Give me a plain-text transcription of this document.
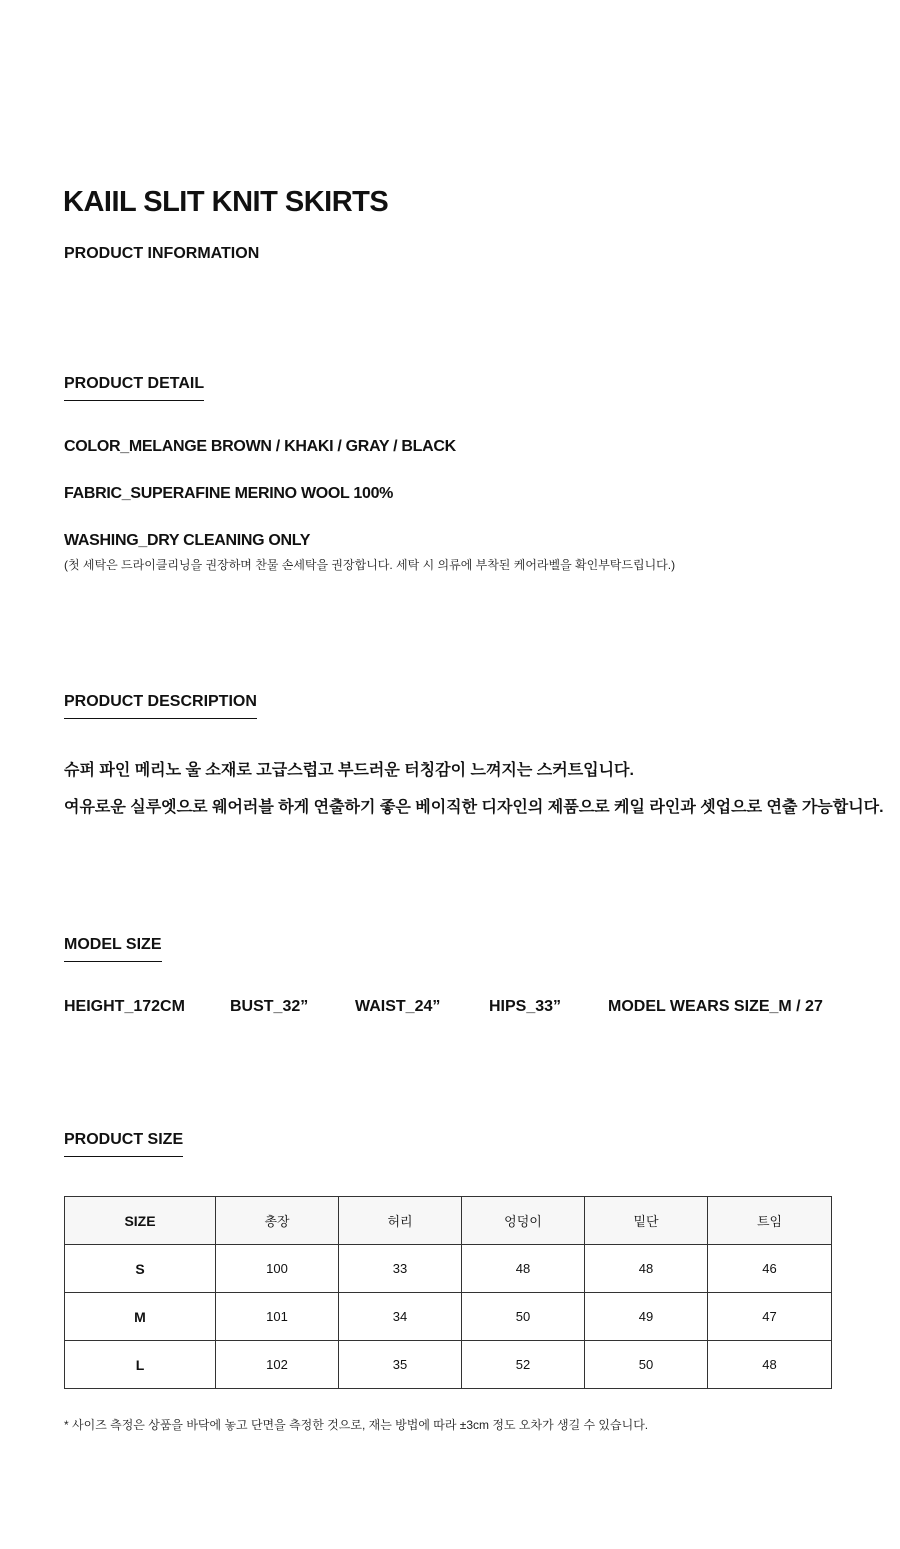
KAIIL SLIT KNIT SKIRTS
PRODUCT INFORMATION
PRODUCT DETAIL
COLOR_MELANGE BROWN / KHAKI / GRAY / BLACK
FABRIC_SUPERAFINE MERINO WOOL 100%
WASHING_DRY CLEANING ONLY
(첫 세탁은 드라이클리닝을 권장하며 찬물 손세탁을 권장합니다. 세탁 시 의류에 부착된 케어라벨을 확인부탁드립니다.)
PRODUCT DESCRIPTION
슈퍼 파인 메리노 울 소재로 고급스럽고 부드러운 터칭감이 느껴지는 스커트입니다.
여유로운 실루엣으로 웨어러블 하게 연출하기 좋은 베이직한 디자인의 제품으로 케일 라인과 셋업으로 연출 가능합니다.
MODEL SIZE
HEIGHT_172CM	BUST_32”	WAIST_24”	HIPS_33”	MODEL WEARS SIZE_M / 27
PRODUCT SIZE
SIZE	총장	허리	엉덩이	밑단	트임
S	100	33	48	48	46
M	101	34	50	49	47
L	102	35	52	50	48
* 사이즈 측정은 상품을 바닥에 놓고 단면을 측정한 것으로, 재는 방법에 따라 ±3cm 정도 오차가 생길 수 있습니다.
